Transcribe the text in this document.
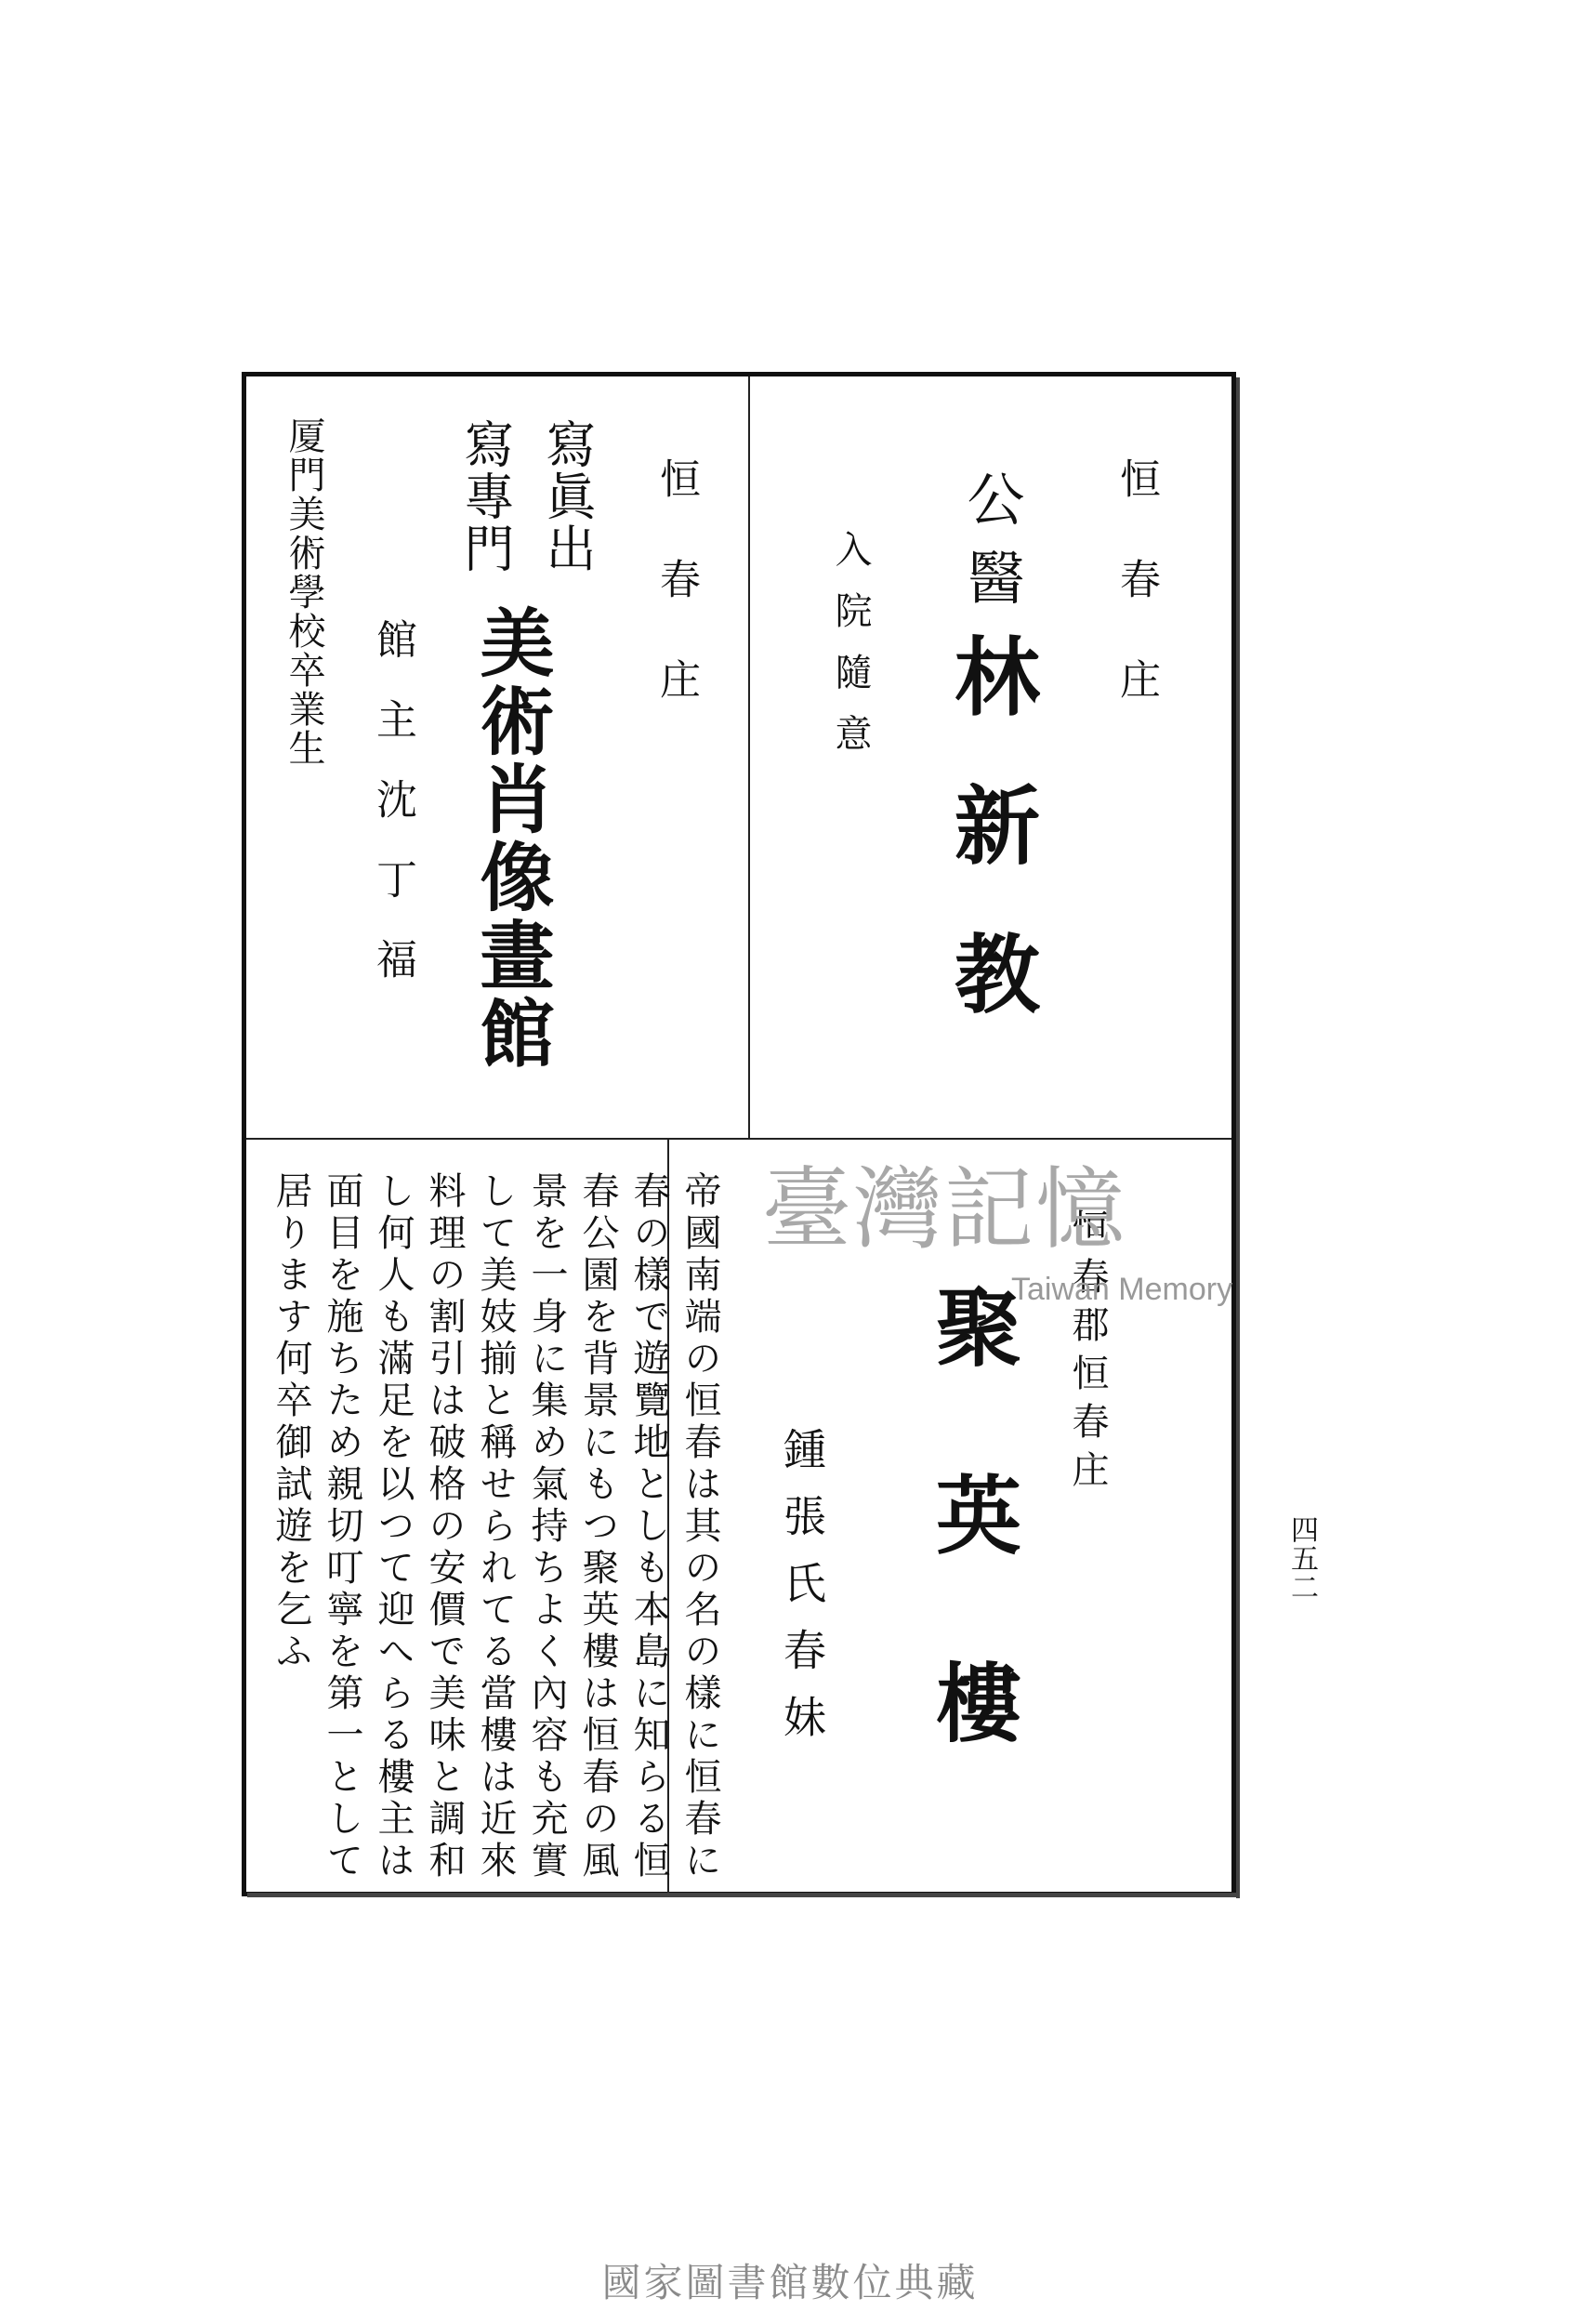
恒春庄
公醫
林新教
入院隨意
恒春庄
寫眞出
寫專門
美術肖像畫館
館主沈丁福
厦門美術學校卒業生
恒春郡恒春庄
聚英樓
鍾張氏春妹
帝國南端の恒春は其の名の樣に恒春に
春の樣で遊覽地としも本島に知らる恒
春公園を背景にもつ聚英樓は恒春の風
景を一身に集め氣持ちよく內容も充實
して美妓揃と稱せられてる當樓は近來
料理の割引は破格の安價で美味と調和
し何人も滿足を以つて迎へらる樓主は
面目を施ちため親切叮寧を第一として
居ります何卒御試遊を乞ふ	四五二
臺灣記憶
Taiwan Memory
國家圖書館數位典藏
